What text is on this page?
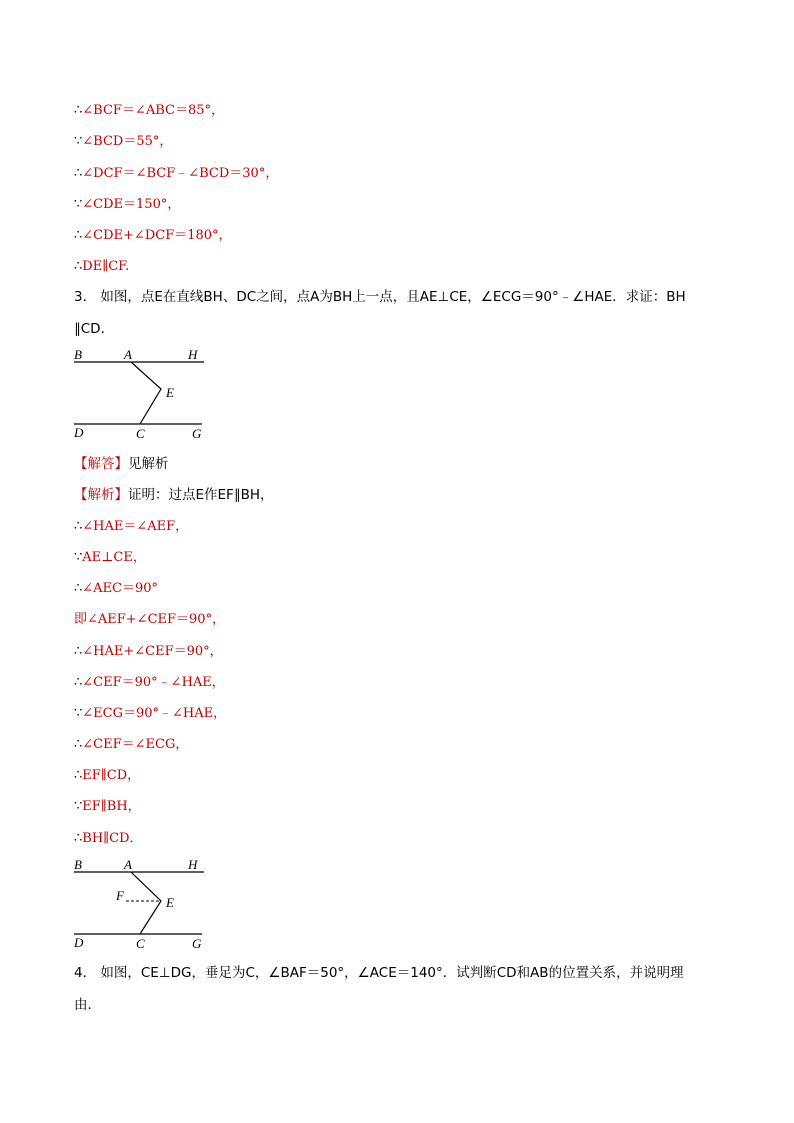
∴∠BCF＝∠ABC＝85°，
∵∠BCD＝55°，
∴∠DCF＝∠BCF﹣∠BCD＝30°，
∵∠CDE＝150°，
∴∠CDE+∠DCF＝180°，
∴DE∥CF.
3． 如图，点E在直线BH、DC之间，点A为BH上一点，且AE⊥CE，∠ECG＝90°﹣∠HAE．求证：BH
∥CD．
B	A	H
E
D	C	G
【解答】见解析
【解析】证明：过点E作EF∥BH，
∴∠HAE＝∠AEF，
∵AE⊥CE，
∴∠AEC＝90°
即∠AEF+∠CEF＝90°，
∴∠HAE+∠CEF＝90°，
∴∠CEF＝90°﹣∠HAE，
∵∠ECG＝90°﹣∠HAE，
∴∠CEF＝∠ECG，
∴EF∥CD，
∵EF∥BH，
∴BH∥CD．
B	A	H
F	E
D	C	G
4． 如图，CE⊥DG，垂足为C，∠BAF＝50°，∠ACE＝140°．试判断CD和AB的位置关系，并说明理
由．
